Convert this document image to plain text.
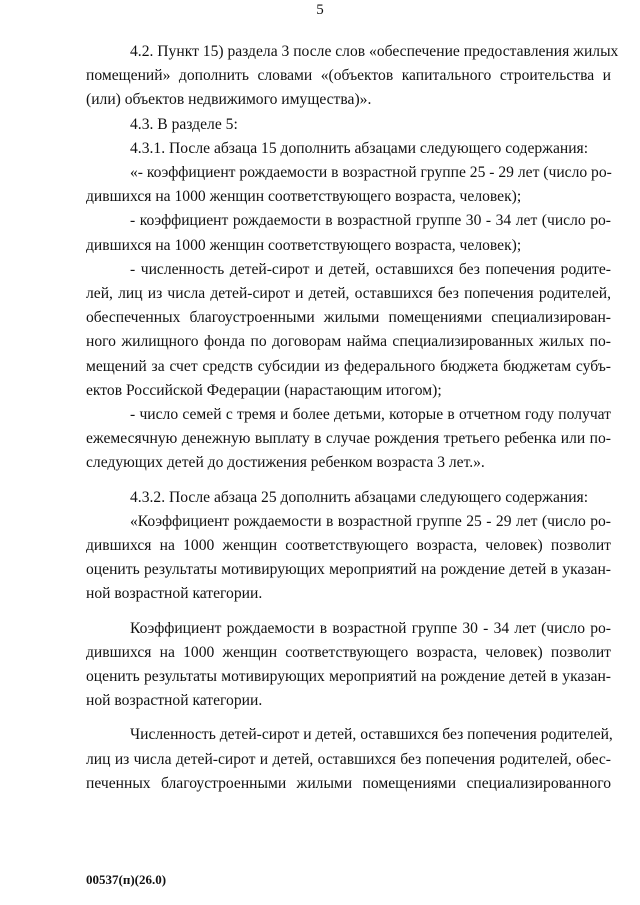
5

4.2. Пункт 15) раздела 3 после слов «обеспечение предоставления жилых
помещений» дополнить словами «(объектов капитального строительства и
(или) объектов недвижимого имущества)».

4.3. В разделе 5:

4.3.1. После абзаца 15 дополнить абзацами следующего содержания:

«- коэффициент рождаемости в возрастной группе 25 - 29 лет (число ро-
дившихся на 1000 женщин соответствующего возраста, человек);

- коэффициент рождаемости в возрастной группе 30 - 34 лет (число ро-
дившихся на 1000 женщин соответствующего возраста, человек);

- численность детей-сирот и детей, оставшихся без попечения родите-
лей, лиц из числа детей-сирот и детей, оставшихся без попечения родителей,
обеспеченных благоустроенными жилыми помещениями специализирован-
ного жилищного фонда по договорам найма специализированных жилых по-
мещений за счет средств субсидии из федерального бюджета бюджетам субъ-
ектов Российской Федерации (нарастающим итогом);

- число семей с тремя и более детьми, которые в отчетном году получат
ежемесячную денежную выплату в случае рождения третьего ребенка или по-
следующих детей до достижения ребенком возраста 3 лет.».

4.3.2. После абзаца 25 дополнить абзацами следующего содержания:

«Коэффициент рождаемости в возрастной группе 25 - 29 лет (число ро-
дившихся на 1000 женщин соответствующего возраста, человек) позволит
оценить результаты мотивирующих мероприятий на рождение детей в указан-
ной возрастной категории.

Коэффициент рождаемости в возрастной группе 30 - 34 лет (число ро-
дившихся на 1000 женщин соответствующего возраста, человек) позволит
оценить результаты мотивирующих мероприятий на рождение детей в указан-
ной возрастной категории.

Численность детей-сирот и детей, оставшихся без попечения родителей,
лиц из числа детей-сирот и детей, оставшихся без попечения родителей, обес-
печенных благоустроенными жилыми помещениями специализированного

00537(п)(26.0)
